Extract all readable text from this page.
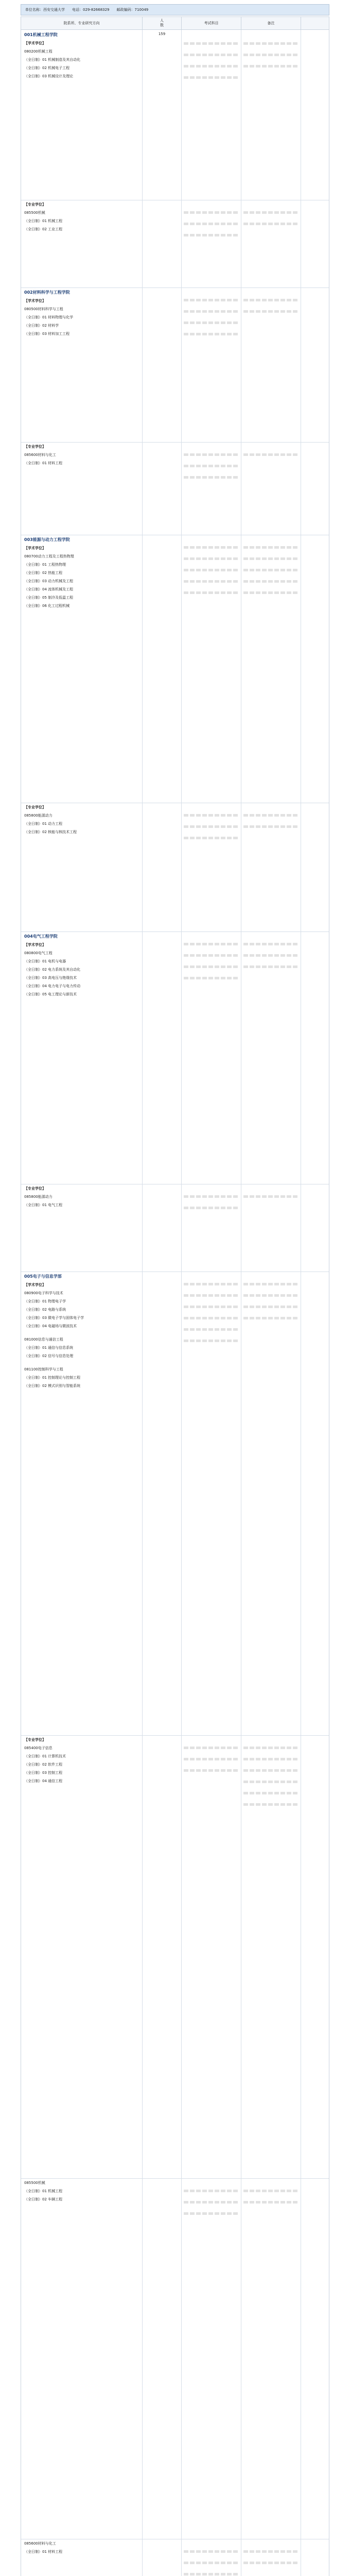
单位名称：西安交通大学 电话：029-82668329 邮政编码：710049
院系所、专业研究方向
人
数
考试科目	备注
001机械工程学院
【学术学位】
080200机械工程
（全日制）01 机械制造及其自动化
（全日制）02 机械电子工程
（全日制）03 机械设计及理论
159
【专业学位】
085500机械
（全日制）01 机械工程
（全日制）02 工业工程
002材料科学与工程学院
【学术学位】
080500材料科学与工程
（全日制）01 材料物理与化学
（全日制）02 材料学
（全日制）03 材料加工工程
【专业学位】
085600材料与化工
（全日制）01 材料工程
003能源与动力工程学院
【学术学位】
080700动力工程及工程热物理
（全日制）01 工程热物理
（全日制）02 热能工程
（全日制）03 动力机械及工程
（全日制）04 流体机械及工程
（全日制）05 制冷及低温工程
（全日制）06 化工过程机械
【专业学位】
085800能源动力
（全日制）01 动力工程
（全日制）02 核能与核技术工程
004电气工程学院
【学术学位】
080800电气工程
（全日制）01 电机与电器
（全日制）02 电力系统及其自动化
（全日制）03 高电压与绝缘技术
（全日制）04 电力电子与电力传动
（全日制）05 电工理论与新技术
【专业学位】
085800能源动力
（全日制）01 电气工程
005电子与信息学部
【学术学位】
080900电子科学与技术
（全日制）01 物理电子学
（全日制）02 电路与系统
（全日制）03 微电子学与固体电子学
（全日制）04 电磁场与微波技术
081000信息与通信工程
（全日制）01 通信与信息系统
（全日制）02 信号与信息处理
081100控制科学与工程
（全日制）01 控制理论与控制工程
（全日制）02 模式识别与智能系统
【专业学位】
085400电子信息
（全日制）01 计算机技术
（全日制）02 软件工程
（全日制）03 控制工程
（全日制）04 通信工程
085500机械
（全日制）01 机械工程
（全日制）02 车辆工程
085600材料与化工
（全日制）01 材料工程
